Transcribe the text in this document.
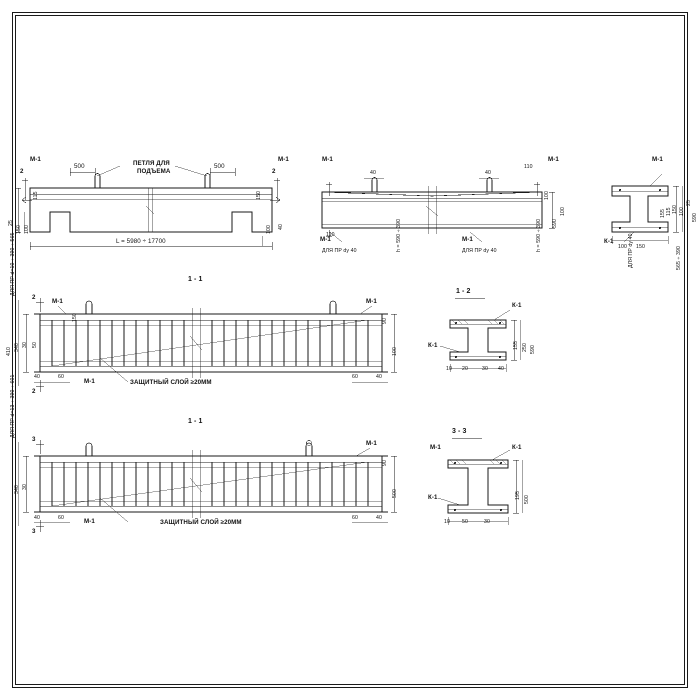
М-1	М-1
500	500
ПЕТЛЯ ДЛЯ
ПОДЪЕМА
L = 5980 ÷ 17700
150 100
25
115	150
100
2	2
40
М-1	М-1
М-1	М-1
40	40
100
590
100
110
110
ДЛЯ ПР dу 40	ДЛЯ ПР dу 40
h = 590 ÷ 390	h = 590 ÷ 390
М-1
К-1
100
150
25
115
155	590
100 150
ДЛЯ ПР dу 40	565 ÷ 390
1 - 1
2
2
М-1	М-1
М-1	ЗАЩИТНЫЙ СЛОЙ ≥20ММ
40	60	60	40
340 30 50
410	100
150	90
ДЛЯ ПР d=10 ÷ 390 ÷ 565	1 - 2
К-1
К-1
10 20	30 40
155 250 590
1 - 1
3
3
М-1
М-1	ЗАЩИТНЫЙ СЛОЙ ≥20ММ
40	60	60	40
340 30
500
90
ДЛЯ ПР d=13 ÷ 390 ÷ 601	3 - 3
М-1	К-1
К-1
10 50	30
195 500
